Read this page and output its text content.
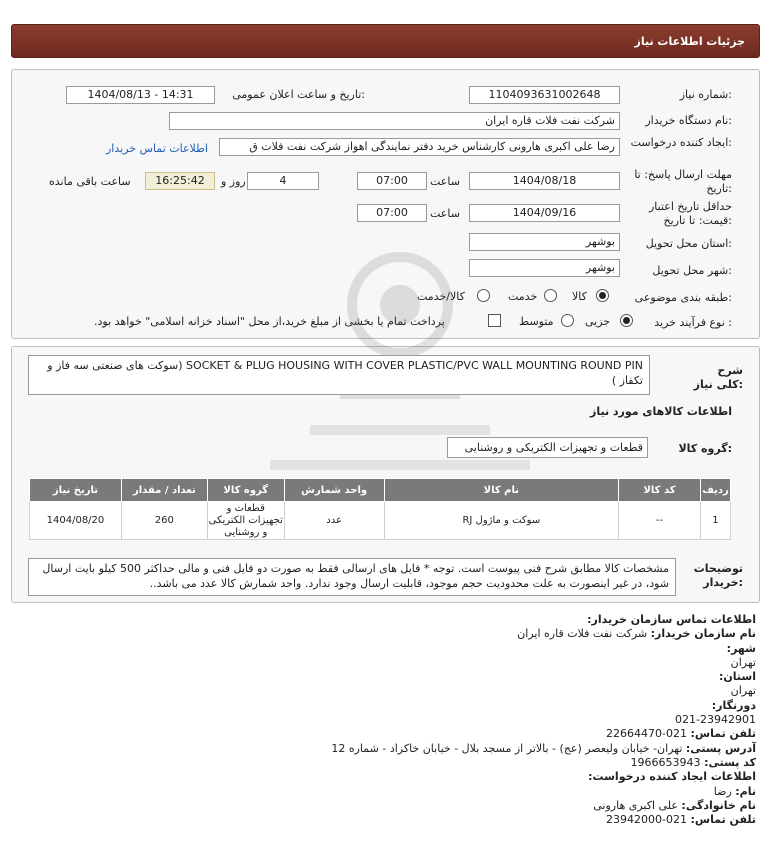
جزئیات اطلاعات نیاز
شماره نیاز:
1104093631002648
تاریخ و ساعت اعلان عمومی:
1404/08/13 - 14:31
نام دستگاه خریدار:
شرکت نفت فلات قاره ایران
ایجاد کننده درخواست:
رضا علی اکبری هارونی کارشناس خرید دفتر نمایندگی اهواز شرکت نفت فلات ق
اطلاعات تماس خریدار
مهلت ارسال پاسخ: تا تاریخ:
1404/08/18
ساعت
07:00
4
روز و
16:25:42
ساعت باقی مانده
حداقل تاریخ اعتبار قیمت: تا تاریخ:
1404/09/16
ساعت
07:00
استان محل تحویل:
بوشهر
شهر محل تحویل:
بوشهر
طبقه بندی موضوعی:
کالا
خدمت
کالا/خدمت
نوع فرآیند خرید :
جزیی
متوسط
پرداخت تمام یا بخشی از مبلغ خرید،از محل "اسناد خزانه اسلامی" خواهد بود.
شرح کلی نیاز:
SOCKET & PLUG HOUSING WITH COVER PLASTIC/PVC WALL MOUNTING ROUND PIN (سوکت های صنعتی سه فاز و تکفاز )
اطلاعات کالاهای مورد نیاز
گروه کالا:
قطعات و تجهیزات الکتریکی و روشنایی
تاریخ نیاز	تعداد / مقدار	گروه کالا	واحد شمارش	نام کالا	کد کالا	ردیف
1404/08/20	260	قطعات و تجهیزات الکتریکی و روشنایی	عدد	سوکت و ماژول RJ	--	1
توضیحات خریدار:
مشخصات کالا مطابق شرح فنی پیوست است. توجه * فایل های ارسالی فقط به صورت دو فایل فنی و مالی حداکثر 500 کیلو بایت ارسال شود، در غیر اینصورت به علت محدودیت حجم موجود، قابلیت ارسال وجود ندارد. واحد شمارش کالا عدد می باشد..
اطلاعات تماس سازمان خریدار:
نام سازمان خریدار: شرکت نفت فلات قاره ایران
شهر:
تهران
استان:
تهران
دورنگار:
021-23942901
تلفن تماس: 021-22664470
آدرس پستی: تهران- خیابان ولیعصر (عج) - بالاتر از مسجد بلال - خیابان خاکزاد - شماره 12
کد پستی: 1966653943
اطلاعات ایجاد کننده درخواست:
نام: رضا
نام خانوادگی: علی اکبری هارونی
تلفن تماس: 021-23942000
